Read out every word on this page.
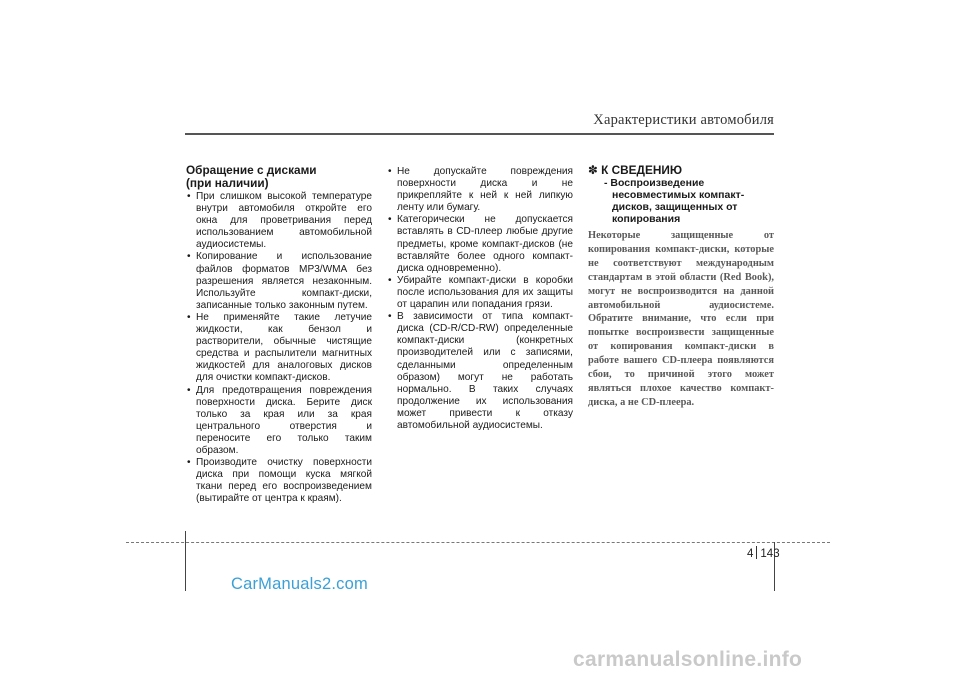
Характеристики автомобиля
Обращение с дисками
(при наличии)
• При слишком высокой температуре внутри автомобиля откройте его окна для проветривания перед использованием автомобильной аудиосистемы.
• Копирование и использование файлов форматов MP3/WMA без разрешения является незаконным. Используйте компакт-диски, записанные только законным путем.
• Не применяйте такие летучие жидкости, как бензол и растворители, обычные чистящие средства и распылители магнитных жидкостей для аналоговых дисков для очистки компакт-дисков.
• Для предотвращения повреждения поверхности диска. Берите диск только за края или за края центрального отверстия и переносите его только таким образом.
• Производите очистку поверхности диска при помощи куска мягкой ткани перед его воспроизведением (вытирайте от центра к краям).
• Не допускайте повреждения поверхности диска и не прикрепляйте к ней к ней липкую ленту или бумагу.
• Категорически не допускается вставлять в CD-плеер любые другие предметы, кроме компакт-дисков (не вставляйте более одного компакт-диска одновременно).
• Убирайте компакт-диски в коробки после использования для их защиты от царапин или попадания грязи.
• В зависимости от типа компакт-диска (CD-R/CD-RW) определенные компакт-диски (конкретных производителей или с записями, сделанными определенным образом) могут не работать нормально. В таких случаях продолжение их использования может привести к отказу автомобильной аудиосистемы.
✽ К СВЕДЕНИЮ
- Воспроизведение несовместимых компакт-дисков, защищенных от копирования
Некоторые защищенные от копирования компакт-диски, которые не соответствуют международным стандартам в этой области (Red Book), могут не воспроизводится на данной автомобильной аудиосистеме. Обратите внимание, что если при попытке воспроизвести защищенные от копирования компакт-диски в работе вашего CD-плеера появляются сбои, то причиной этого может являться плохое качество компакт-диска, а не CD-плеера.
4 143
CarManuals2.com
carmanualsonline.info
